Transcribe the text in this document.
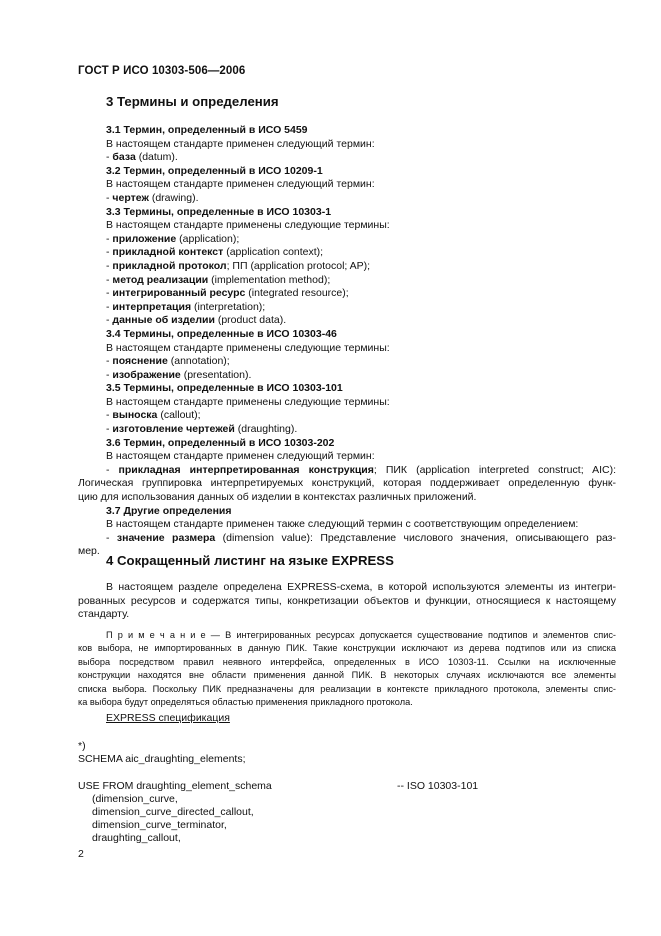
ГОСТ Р ИСО 10303-506—2006
3 Термины и определения
3.1 Термин, определенный в ИСО 5459
В настоящем стандарте применен следующий термин:
- база (datum).
3.2 Термин, определенный в ИСО 10209-1
В настоящем стандарте применен следующий термин:
- чертеж (drawing).
3.3 Термины, определенные в ИСО 10303-1
В настоящем стандарте применены следующие термины:
- приложение (application);
- прикладной контекст (application context);
- прикладной протокол; ПП (application protocol; AP);
- метод реализации (implementation method);
- интегрированный ресурс (integrated resource);
- интерпретация (interpretation);
- данные об изделии (product data).
3.4 Термины, определенные в ИСО 10303-46
В настоящем стандарте применены следующие термины:
- пояснение (annotation);
- изображение (presentation).
3.5 Термины, определенные в ИСО 10303-101
В настоящем стандарте применены следующие термины:
- выноска (callout);
- изготовление чертежей (draughting).
3.6 Термин, определенный в ИСО 10303-202
В настоящем стандарте применен следующий термин:
- прикладная интерпретированная конструкция; ПИК (application interpreted construct; AIC):
Логическая группировка интерпретируемых конструкций, которая поддерживает определенную функ-
цию для использования данных об изделии в контекстах различных приложений.
3.7 Другие определения
В настоящем стандарте применен также следующий термин с соответствующим определением:
- значение размера (dimension value): Представление числового значения, описывающего раз-
мер.
4 Сокращенный листинг на языке EXPRESS
В настоящем разделе определена EXPRESS-схема, в которой используются элементы из интегри-
рованных ресурсов и содержатся типы, конкретизации объектов и функции, относящиеся к настоящему
стандарту.
П р и м е ч а н и е — В интегрированных ресурсах допускается существование подтипов и элементов спис-
ков выбора, не импортированных в данную ПИК. Такие конструкции исключают из дерева подтипов или из списка
выбора посредством правил неявного интерфейса, определенных в ИСО 10303-11. Ссылки на исключенные
конструкции находятся вне области применения данной ПИК. В некоторых случаях исключаются все элементы
списка выбора. Поскольку ПИК предназначены для реализации в контексте прикладного протокола, элементы спис-
ка выбора будут определяться областью применения прикладного протокола.
EXPRESS спецификация
*)
SCHEMA aic_draughting_elements;
USE FROM draughting_element_schema	-- ISO 10303-101
(dimension_curve,
dimension_curve_directed_callout,
dimension_curve_terminator,
draughting_callout,
2
